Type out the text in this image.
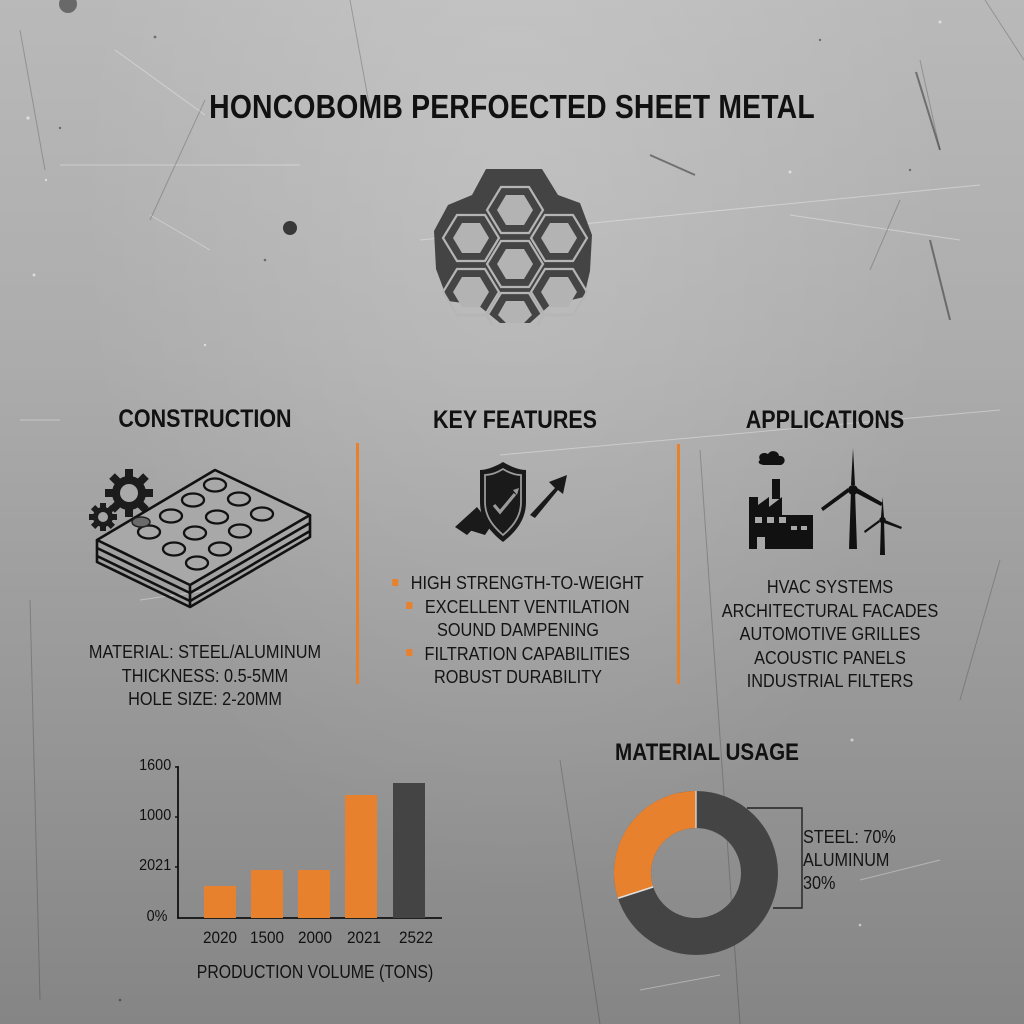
HONCOBOMB PERFOECTED SHEET METAL
CONSTRUCTION
MATERIAL: STEEL/ALUMINUM
THICKNESS: 0.5-5MM
HOLE SIZE: 2-20MM
KEY FEATURES
HIGH STRENGTH-TO-WEIGHT
EXCELLENT VENTILATION
SOUND DAMPENING
FILTRATION CAPABILITIES
ROBUST DURABILITY
APPLICATIONS
HVAC SYSTEMS
ARCHITECTURAL FACADES
AUTOMOTIVE GRILLES
ACOUSTIC PANELS
INDUSTRIAL FILTERS
1600
1000
2021
0%
2020 1500 2000 2021	2522
PRODUCTION VOLUME (TONS)
MATERIAL USAGE
STEEL: 70%
ALUMINUM
30%
